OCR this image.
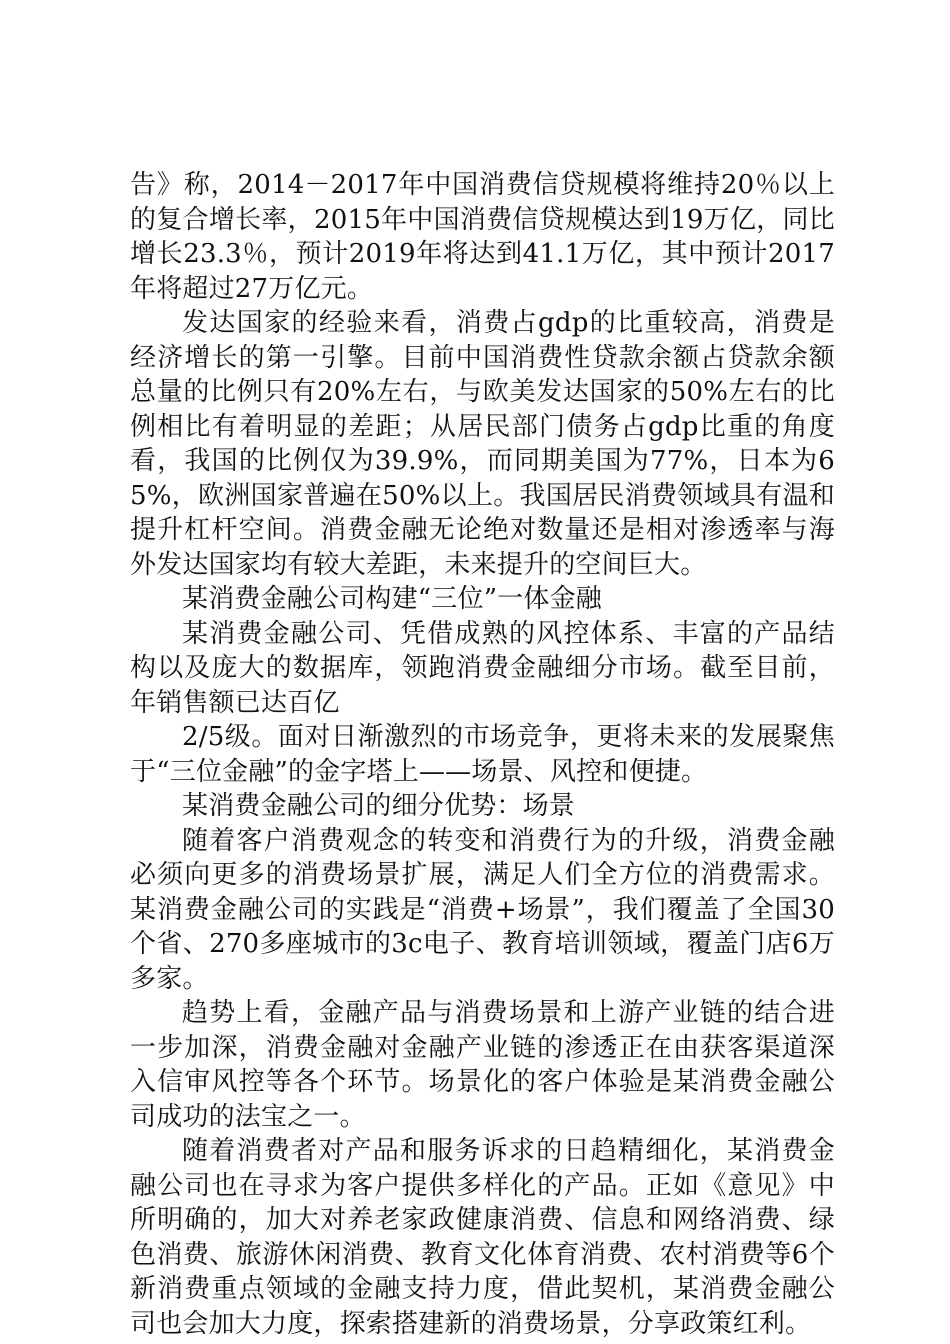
告》称，2014－2017年中国消费信贷规模将维持20％以上的复合增长率，2015年中国消费信贷规模达到19万亿，同比增长23.3％，预计2019年将达到41.1万亿，其中预计2017年将超过27万亿元。

发达国家的经验来看，消费占gdp的比重较高，消费是经济增长的第一引擎。目前中国消费性贷款余额占贷款余额总量的比例只有20%左右，与欧美发达国家的50%左右的比例相比有着明显的差距；从居民部门债务占gdp比重的角度看，我国的比例仅为39.9%，而同期美国为77%，日本为65%，欧洲国家普遍在50%以上。我国居民消费领域具有温和提升杠杆空间。消费金融无论绝对数量还是相对渗透率与海外发达国家均有较大差距，未来提升的空间巨大。

某消费金融公司构建“三位”一体金融

某消费金融公司、凭借成熟的风控体系、丰富的产品结构以及庞大的数据库，领跑消费金融细分市场。截至目前，年销售额已达百亿

2/5级。面对日渐激烈的市场竞争，更将未来的发展聚焦于“三位金融”的金字塔上——场景、风控和便捷。

某消费金融公司的细分优势：场景

随着客户消费观念的转变和消费行为的升级，消费金融必须向更多的消费场景扩展，满足人们全方位的消费需求。某消费金融公司的实践是“消费+场景”，我们覆盖了全国30个省、270多座城市的3c电子、教育培训领域，覆盖门店6万多家。

趋势上看，金融产品与消费场景和上游产业链的结合进一步加深，消费金融对金融产业链的渗透正在由获客渠道深入信审风控等各个环节。场景化的客户体验是某消费金融公司成功的法宝之一。

随着消费者对产品和服务诉求的日趋精细化，某消费金融公司也在寻求为客户提供多样化的产品。正如《意见》中所明确的，加大对养老家政健康消费、信息和网络消费、绿色消费、旅游休闲消费、教育文化体育消费、农村消费等6个新消费重点领域的金融支持力度，借此契机，某消费金融公司也会加大力度，探索搭建新的消费场景，分享政策红利。
